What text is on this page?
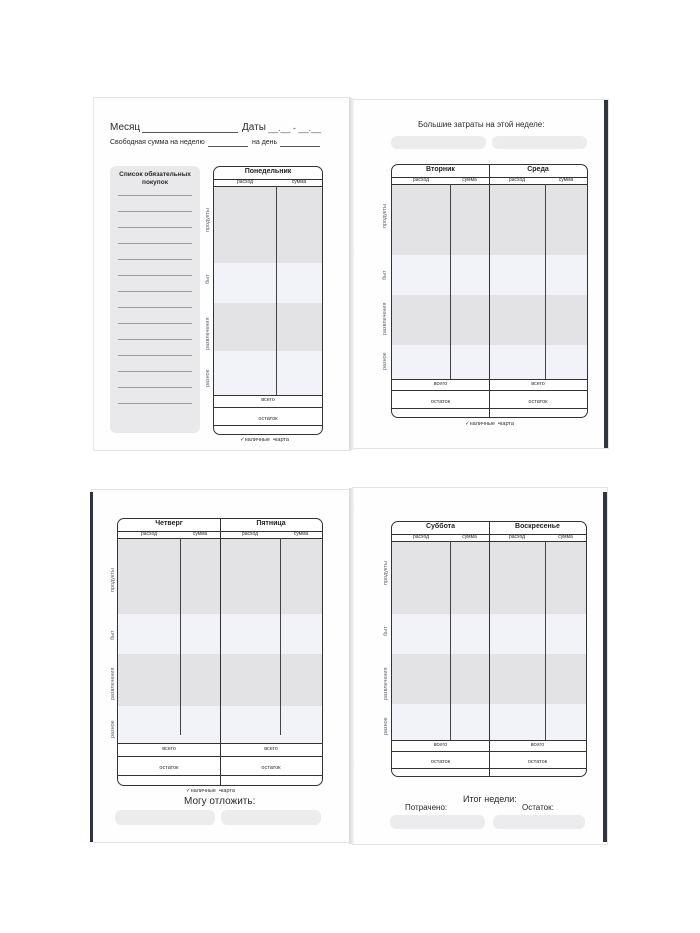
Месяц	Даты __.__ - __.__
Свободная сумма на неделю	на день
Список обязательных
покупок
продукты
быт
развлечения
разное
Понедельник
расход	сумма
всего
остаток
✓наличные  •карта
Большие затраты на этой неделе:
продукты
быт
развлечения
разное
Вторник	Среда
расход	сумма	расход	сумма
всего	всего
остаток	остаток
✓наличные  •карта
продукты
быт
развлечения
разное
Четверг	Пятница
расход	сумма	расход	сумма
всего	всего
остаток	остаток
✓наличные  •карта
Могу отложить:
продукты
быт
развлечения
разное
Суббота	Воскресенье
расход	сумма	расход	сумма
всего	всего
остаток	остаток
Итог недели:
Потрачено:	Остаток:
